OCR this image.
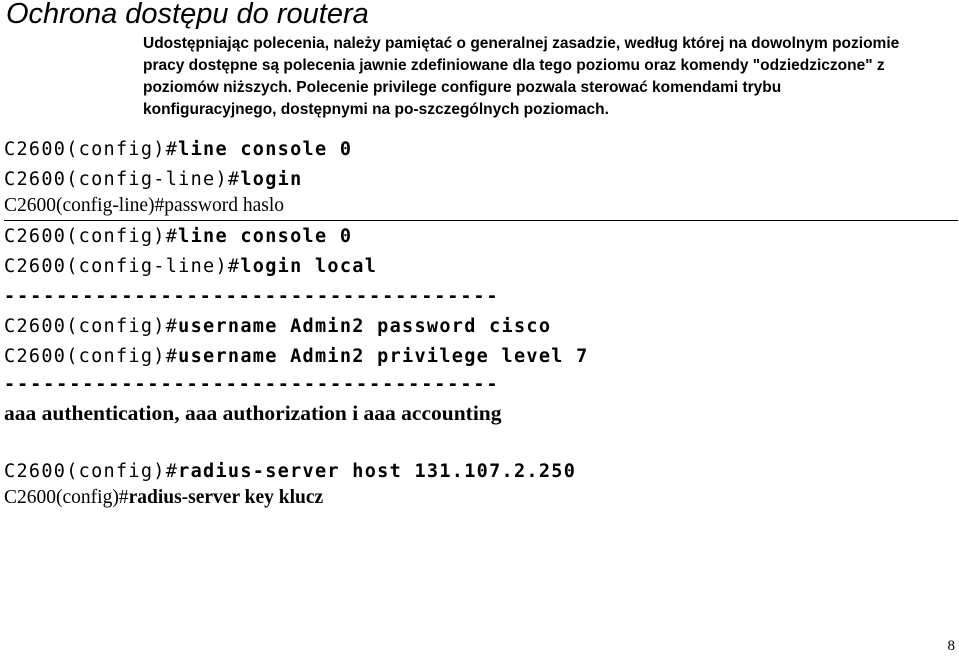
Ochrona dostępu do routera

Udostępniając polecenia, należy pamiętać o generalnej zasadzie, według której na dowolnym poziomie

pracy dostępne są polecenia jawnie zdefiniowane dla tego poziomu oraz komendy "odziedziczone" z

poziomów niższych. Polecenie privilege configure pozwala sterować komendami trybu

konfiguracyjnego, dostępnymi na po-szczególnych poziomach.

C2600(config)#line console 0
C2600(config-line)#login
C2600(config-line)#password haslo
C2600(config)#line console 0
C2600(config-line)#login local
--------------------------------------
C2600(config)#username Admin2 password cisco
C2600(config)#username Admin2 privilege level 7
--------------------------------------
aaa authentication, aaa authorization i aaa accounting
C2600(config)#radius-server host 131.107.2.250
C2600(config)#radius-server key klucz
8
